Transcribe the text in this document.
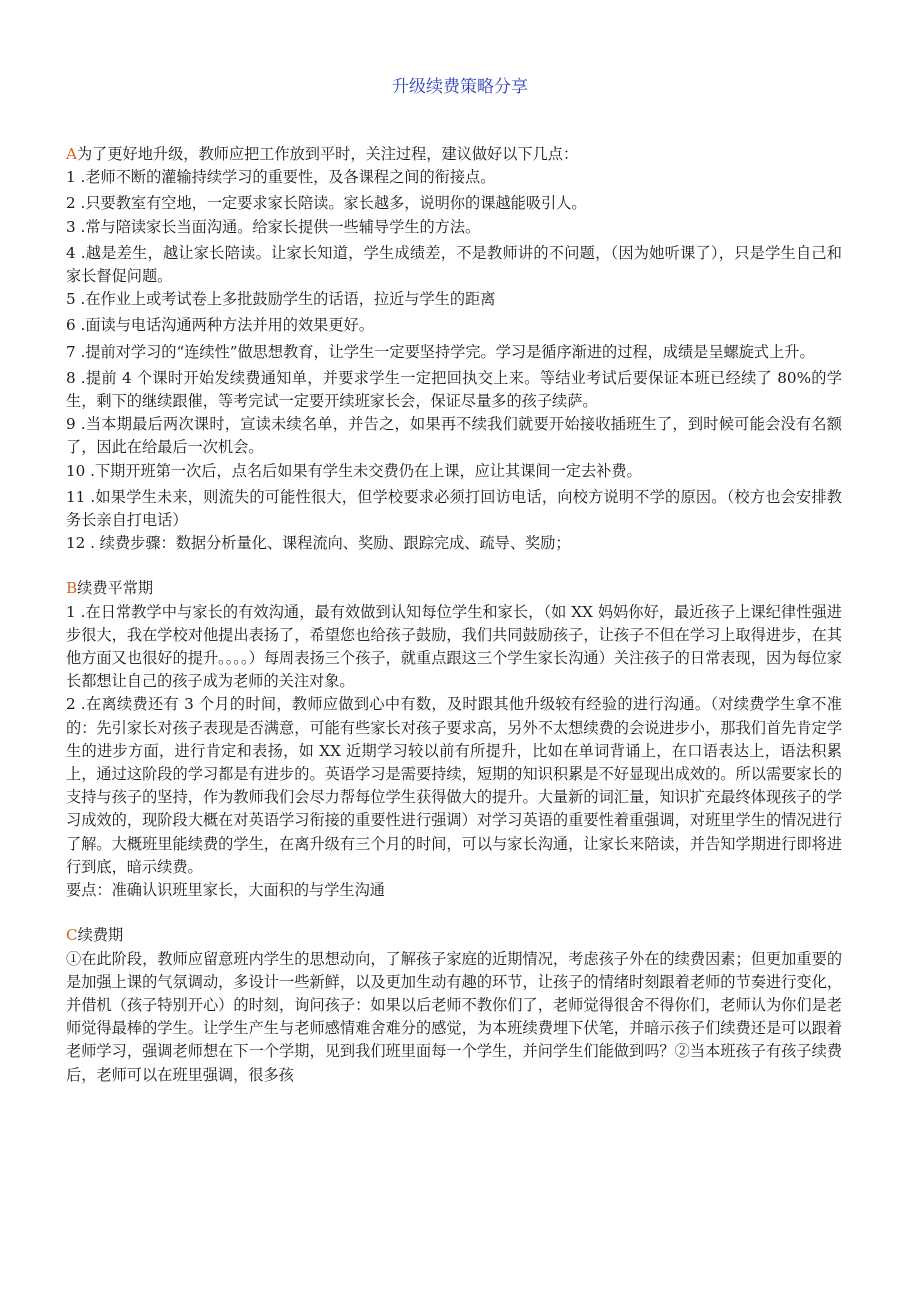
升级续费策略分享

A为了更好地升级，教师应把工作放到平时，关注过程，建议做好以下几点：

1 .老师不断的灌输持续学习的重要性，及各课程之间的衔接点。

2 .只要教室有空地，一定要求家长陪读。家长越多，说明你的课越能吸引人。

3 .常与陪读家长当面沟通。给家长提供一些辅导学生的方法。

4 .越是差生，越让家长陪读。让家长知道，学生成绩差，不是教师讲的不问题，（因为她听课了），只是学生自己和家长督促问题。

5 .在作业上或考试卷上多批鼓励学生的话语，拉近与学生的距离

6 .面读与电话沟通两种方法并用的效果更好。

7 .提前对学习的“连续性”做思想教育，让学生一定要坚持学完。学习是循序渐进的过程，成绩是呈螺旋式上升。

8 .提前 4 个课时开始发续费通知单，并要求学生一定把回执交上来。等结业考试后要保证本班已经续了 80%的学生，剩下的继续跟催，等考完试一定要开续班家长会，保证尽量多的孩子续萨。

9 .当本期最后两次课时，宣读未续名单，并告之，如果再不续我们就要开始接收插班生了，到时候可能会没有名额了，因此在给最后一次机会。

10 .下期开班第一次后，点名后如果有学生未交费仍在上课，应让其课间一定去补费。

11 .如果学生未来，则流失的可能性很大，但学校要求必须打回访电话，向校方说明不学的原因。（校方也会安排教务长亲自打电话）

12 . 续费步骤：数据分析量化、课程流向、奖励、跟踪完成、疏导、奖励；

B续费平常期

1 .在日常教学中与家长的有效沟通，最有效做到认知每位学生和家长，（如 XX 妈妈你好，最近孩子上课纪律性强进步很大，我在学校对他提出表扬了，希望您也给孩子鼓励，我们共同鼓励孩子，让孩子不但在学习上取得进步，在其他方面又也很好的提升。。。。）每周表扬三个孩子，就重点跟这三个学生家长沟通）关注孩子的日常表现，因为每位家长都想让自己的孩子成为老师的关注对象。

2 .在离续费还有 3 个月的时间，教师应做到心中有数，及时跟其他升级较有经验的进行沟通。（对续费学生拿不准的：先引家长对孩子表现是否满意，可能有些家长对孩子要求高，另外不太想续费的会说进步小，那我们首先肯定学生的进步方面，进行肯定和表扬，如 XX 近期学习较以前有所提升，比如在单词背诵上，在口语表达上，语法积累上，通过这阶段的学习都是有进步的。英语学习是需要持续，短期的知识积累是不好显现出成效的。所以需要家长的支持与孩子的坚持，作为教师我们会尽力帮每位学生获得做大的提升。大量新的词汇量，知识扩充最终体现孩子的学习成效的，现阶段大概在对英语学习衔接的重要性进行强调）对学习英语的重要性着重强调，对班里学生的情况进行了解。大概班里能续费的学生，在离升级有三个月的时间，可以与家长沟通，让家长来陪读，并告知学期进行即将进行到底，暗示续费。

要点：准确认识班里家长，大面积的与学生沟通

C续费期

①在此阶段，教师应留意班内学生的思想动向，了解孩子家庭的近期情况，考虑孩子外在的续费因素；但更加重要的是加强上课的气氛调动，多设计一些新鲜，以及更加生动有趣的环节，让孩子的情绪时刻跟着老师的节奏进行变化，并借机（孩子特别开心）的时刻，询问孩子：如果以后老师不教你们了，老师觉得很舍不得你们，老师认为你们是老师觉得最棒的学生。让学生产生与老师感情难舍难分的感觉，为本班续费埋下伏笔，并暗示孩子们续费还是可以跟着老师学习，强调老师想在下一个学期，见到我们班里面每一个学生，并问学生们能做到吗？②当本班孩子有孩子续费后，老师可以在班里强调，很多孩
